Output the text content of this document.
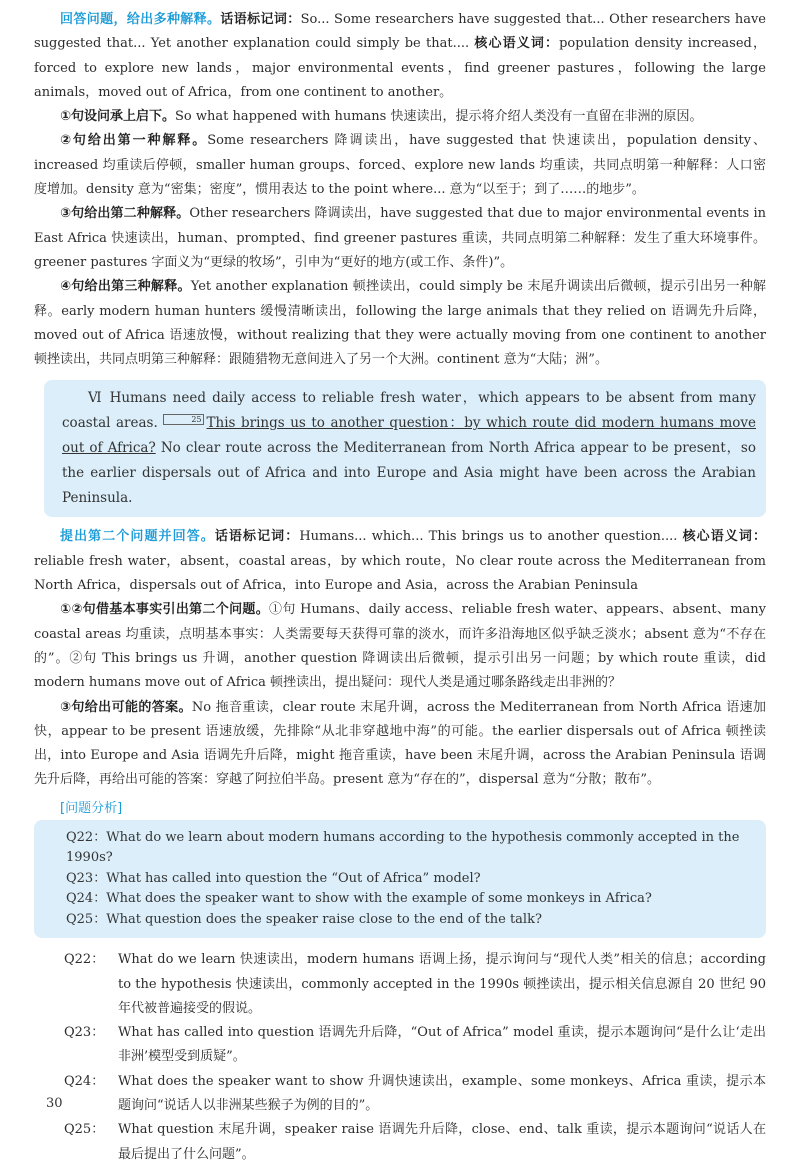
回答问题，给出多种解释。话语标记词：So... Some researchers have suggested that... Other researchers have suggested that... Yet another explanation could simply be that.... 核心语义词：population density increased，forced to explore new lands，major environmental events，find greener pastures，following the large animals，moved out of Africa，from one continent to another。

①句设问承上启下。So what happened with humans 快速读出，提示将介绍人类没有一直留在非洲的原因。

②句给出第一种解释。Some researchers 降调读出，have suggested that 快速读出，population density、increased 均重读后停顿，smaller human groups、forced、explore new lands 均重读，共同点明第一种解释：人口密度增加。density 意为“密集；密度”，惯用表达 to the point where... 意为“以至于；到了……的地步”。

③句给出第二种解释。Other researchers 降调读出，have suggested that due to major environmental events in East Africa 快速读出，human、prompted、find greener pastures 重读，共同点明第二种解释：发生了重大环境事件。greener pastures 字面义为“更绿的牧场”，引申为“更好的地方(或工作、条件)”。

④句给出第三种解释。Yet another explanation 顿挫读出，could simply be 末尾升调读出后微顿，提示引出另一种解释。early modern human hunters 缓慢清晰读出，following the large animals that they relied on 语调先升后降，moved out of Africa 语速放慢，without realizing that they were actually moving from one continent to another 顿挫读出，共同点明第三种解释：跟随猎物无意间进入了另一个大洲。continent 意为“大陆；洲”。

Ⅵ Humans need daily access to reliable fresh water，which appears to be absent from many coastal areas.	25 This brings us to another question：by which route did modern humans move out of Africa? No clear route across the Mediterranean from North Africa appear to be present，so the earlier dispersals out of Africa and into Europe and Asia might have been across the Arabian Peninsula.

提出第二个问题并回答。话语标记词：Humans... which... This brings us to another question.... 核心语义词：reliable fresh water，absent，coastal areas，by which route，No clear route across the Mediterranean from North Africa，dispersals out of Africa，into Europe and Asia，across the Arabian Peninsula

①②句借基本事实引出第二个问题。①句 Humans、daily access、reliable fresh water、appears、absent、many coastal areas 均重读，点明基本事实：人类需要每天获得可靠的淡水，而许多沿海地区似乎缺乏淡水；absent 意为“不存在的”。②句 This brings us 升调，another question 降调读出后微顿，提示引出另一问题；by which route 重读，did modern humans move out of Africa 顿挫读出，提出疑问：现代人类是通过哪条路线走出非洲的？

③句给出可能的答案。No 拖音重读，clear route 末尾升调，across the Mediterranean from North Africa 语速加快，appear to be present 语速放缓，先排除“从北非穿越地中海”的可能。the earlier dispersals out of Africa 顿挫读出，into Europe and Asia 语调先升后降，might 拖音重读，have been 末尾升调，across the Arabian Peninsula 语调先升后降，再给出可能的答案：穿越了阿拉伯半岛。present 意为“存在的”，dispersal 意为“分散；散布”。

[问题分析]
Q22：What do we learn about modern humans according to the hypothesis commonly accepted in the 1990s?
Q23：What has called into question the “Out of Africa” model?
Q24：What does the speaker want to show with the example of some monkeys in Africa?
Q25：What question does the speaker raise close to the end of the talk?
Q22：	What do we learn 快速读出，modern humans 语调上扬，提示询问与“现代人类”相关的信息；according to the hypothesis 快速读出，commonly accepted in the 1990s 顿挫读出，提示相关信息源自 20 世纪 90 年代被普遍接受的假说。
Q23：	What has called into question 语调先升后降，“Out of Africa” model 重读，提示本题询问“是什么让‘走出非洲’模型受到质疑”。
Q24：	What does the speaker want to show 升调快速读出，example、some monkeys、Africa 重读，提示本题询问“说话人以非洲某些猴子为例的目的”。
Q25：	What question 末尾升调，speaker raise 语调先升后降，close、end、talk 重读，提示本题询问“说话人在最后提出了什么问题”。
30
